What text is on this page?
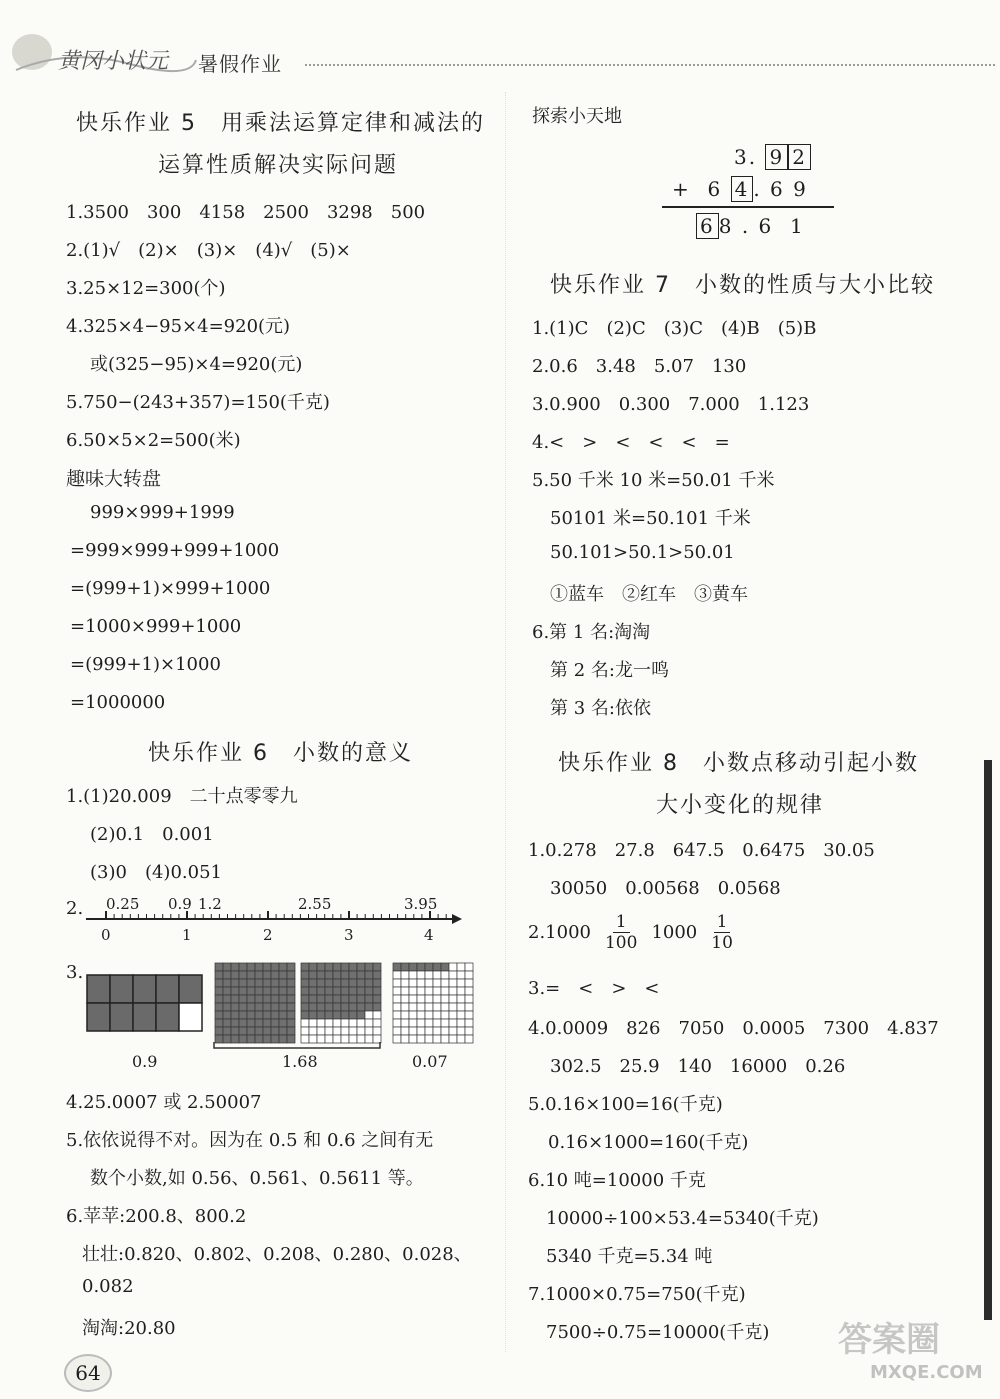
黄冈小状元 暑假作业
快乐作业 5　用乘法运算定律和减法的
运算性质解决实际问题
1.3500　300　4158　2500　3298　500
2.(1)√　(2)×　(3)×　(4)√　(5)×
3.25×12=300(个)
4.325×4−95×4=920(元)
或(325−95)×4=920(元)
5.750−(243+357)=150(千克)
6.50×5×2=500(米)
趣味大转盘
999×999+1999
=999×999+999+1000
=(999+1)×999+1000
=1000×999+1000
=(999+1)×1000
=1000000
快乐作业 6　小数的意义
1.(1)20.009　二十点零零九
(2)0.1　0.001
(3)0　(4)0.051
2. 0.25 0.9 1.2	2.55	3.95
0	1	2	3	4
3.
0.9	1.68	0.07
4.25.0007 或 2.50007
5.依依说得不对。因为在 0.5 和 0.6 之间有无
数个小数,如 0.56、0.561、0.5611 等。
6.苹苹:200.8、800.2
壮壮:0.820、0.802、0.208、0.280、0.028、
0.082
淘淘:20.80
64
探索小天地
3. 9 2
+ 6 4 . 6 9
6 8 . 6 1
快乐作业 7　小数的性质与大小比较
1.(1)C　(2)C　(3)C　(4)B　(5)B
2.0.6　3.48　5.07　130
3.0.900　0.300　7.000　1.123
4.<　>　<　<　<　=
5.50 千米 10 米=50.01 千米
50101 米=50.101 千米
50.101>50.1>50.01
①蓝车　②红车　③黄车
6.第 1 名:淘淘
第 2 名:龙一鸣
第 3 名:依依
快乐作业 8　小数点移动引起小数
大小变化的规律
1.0.278　27.8　647.5　0.6475　30.05
30050　0.00568　0.0568
$2.1000 \frac{1}{100} 1000 \frac{1}{10}$
3.=　<　>　<
4.0.0009　826　7050　0.0005　7300　4.837
302.5　25.9　140　16000　0.26
5.0.16×100=16(千克)
0.16×1000=160(千克)
6.10 吨=10000 千克
10000÷100×53.4=5340(千克)
5340 千克=5.34 吨
7.1000×0.75=750(千克)
7500÷0.75=10000(千克) 答案圈
MXQE.COM
